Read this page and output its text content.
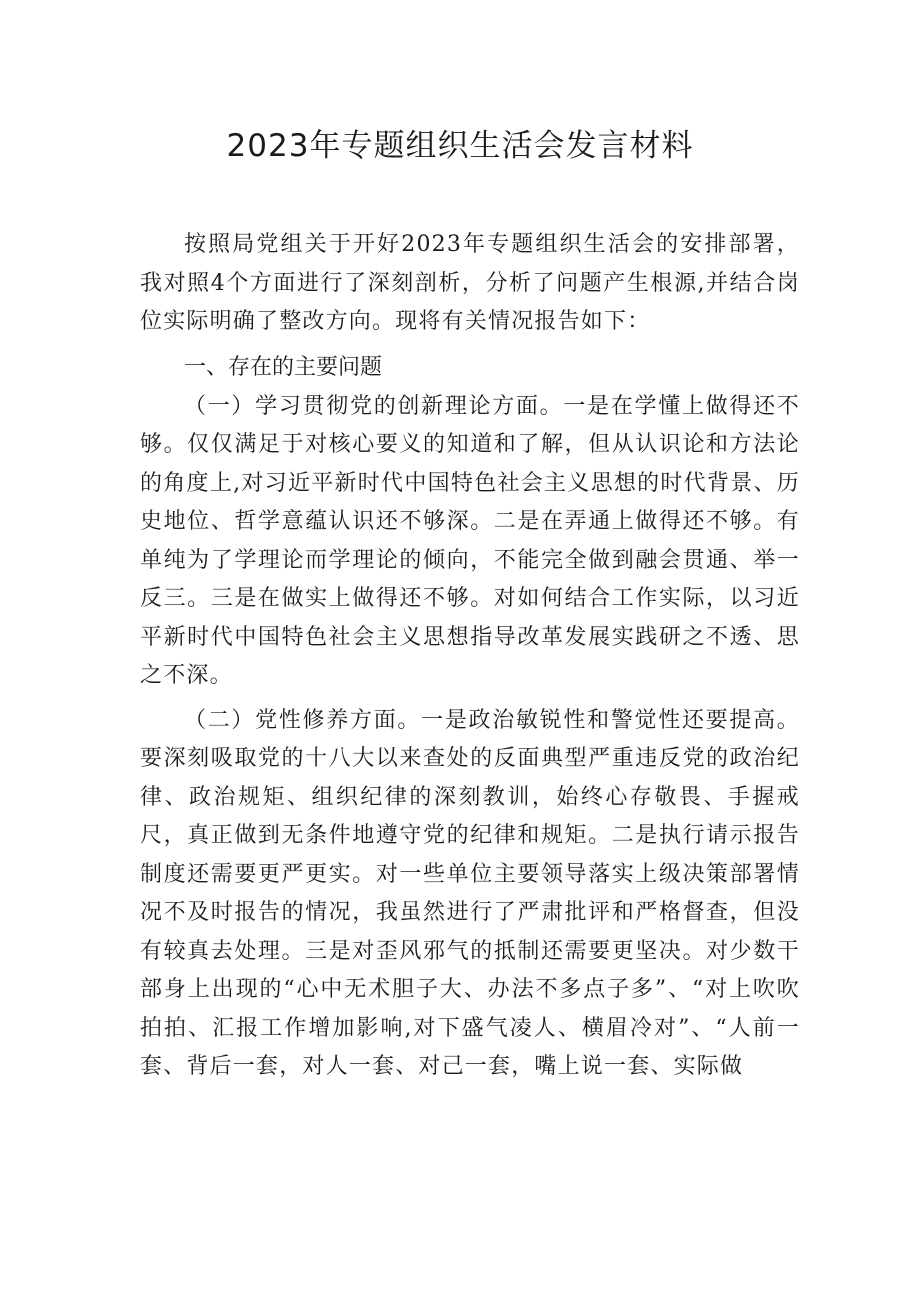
2023年专题组织生活会发言材料

按照局党组关于开好2023年专题组织生活会的安排部署，我对照4个方面进行了深刻剖析，分析了问题产生根源,并结合岗位实际明确了整改方向。现将有关情况报告如下：

一、存在的主要问题

（一）学习贯彻党的创新理论方面。一是在学懂上做得还不够。仅仅满足于对核心要义的知道和了解，但从认识论和方法论的角度上,对习近平新时代中国特色社会主义思想的时代背景、历史地位、哲学意蕴认识还不够深。二是在弄通上做得还不够。有单纯为了学理论而学理论的倾向，不能完全做到融会贯通、举一反三。三是在做实上做得还不够。对如何结合工作实际，以习近平新时代中国特色社会主义思想指导改革发展实践研之不透、思之不深。

（二）党性修养方面。一是政治敏锐性和警觉性还要提高。要深刻吸取党的十八大以来查处的反面典型严重违反党的政治纪律、政治规矩、组织纪律的深刻教训，始终心存敬畏、手握戒尺，真正做到无条件地遵守党的纪律和规矩。二是执行请示报告制度还需要更严更实。对一些单位主要领导落实上级决策部署情况不及时报告的情况，我虽然进行了严肃批评和严格督查，但没有较真去处理。三是对歪风邪气的抵制还需要更坚决。对少数干部身上出现的“心中无术胆子大、办法不多点子多”、“对上吹吹拍拍、汇报工作增加影响,对下盛气凌人、横眉冷对”、“人前一套、背后一套，对人一套、对己一套，嘴上说一套、实际做
